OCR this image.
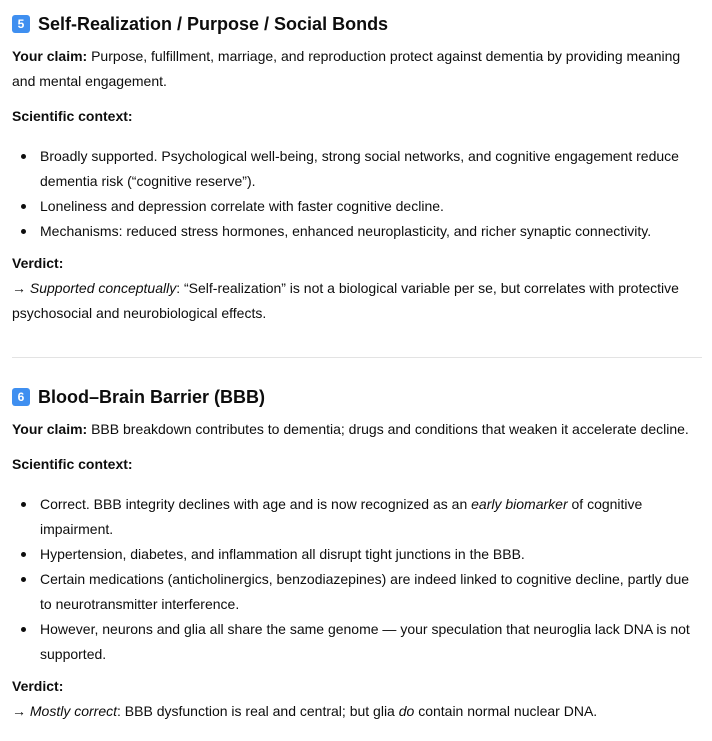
5 Self-Realization / Purpose / Social Bonds

Your claim: Purpose, fulfillment, marriage, and reproduction protect against dementia by providing meaning and mental engagement.

Scientific context:

Broadly supported. Psychological well-being, strong social networks, and cognitive engagement reduce dementia risk (“cognitive reserve”).
Loneliness and depression correlate with faster cognitive decline.
Mechanisms: reduced stress hormones, enhanced neuroplasticity, and richer synaptic connectivity.

Verdict:

→ Supported conceptually: “Self-realization” is not a biological variable per se, but correlates with protective psychosocial and neurobiological effects.

6 Blood–Brain Barrier (BBB)

Your claim: BBB breakdown contributes to dementia; drugs and conditions that weaken it accelerate decline.

Scientific context:

Correct. BBB integrity declines with age and is now recognized as an early biomarker of cognitive impairment.
Hypertension, diabetes, and inflammation all disrupt tight junctions in the BBB.
Certain medications (anticholinergics, benzodiazepines) are indeed linked to cognitive decline, partly due to neurotransmitter interference.
However, neurons and glia all share the same genome — your speculation that neuroglia lack DNA is not supported.

Verdict:

→ Mostly correct: BBB dysfunction is real and central; but glia do contain normal nuclear DNA.
